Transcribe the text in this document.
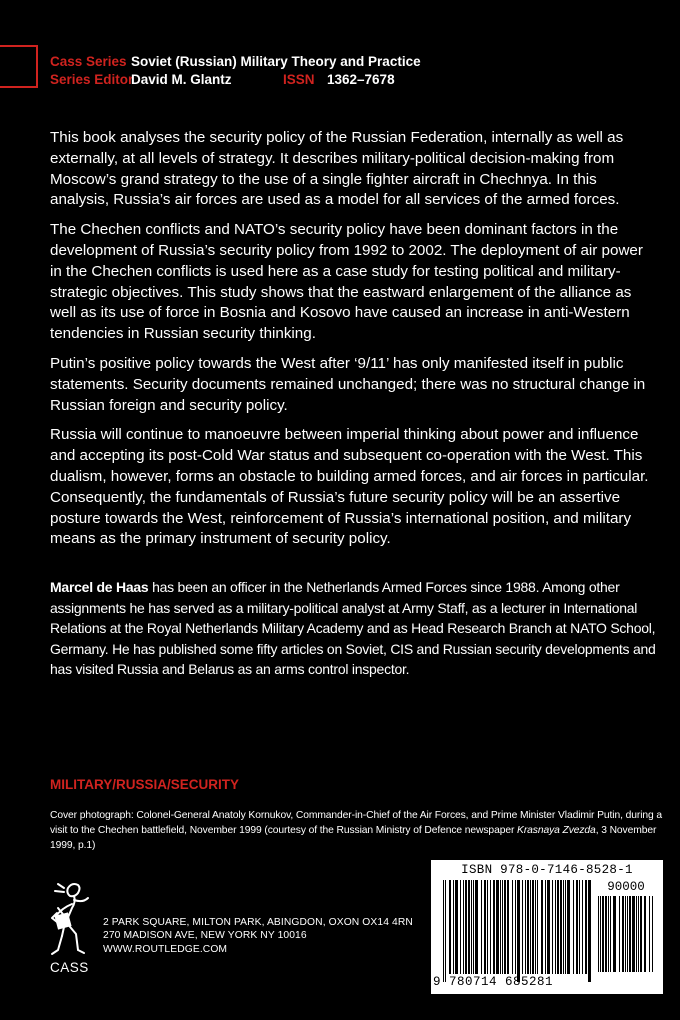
Cass Series Soviet (Russian) Military Theory and Practice
Series EditorDavid M. Glantz	ISSN 1362–7678

This book analyses the security policy of the Russian Federation, internally as well as externally, at all levels of strategy. It describes military-political decision-making from Moscow’s grand strategy to the use of a single fighter aircraft in Chechnya. In this analysis, Russia’s air forces are used as a model for all services of the armed forces.

The Chechen conflicts and NATO’s security policy have been dominant factors in the development of Russia’s security policy from 1992 to 2002. The deployment of air power in the Chechen conflicts is used here as a case study for testing political and military-strategic objectives. This study shows that the eastward enlargement of the alliance as well as its use of force in Bosnia and Kosovo have caused an increase in anti-Western tendencies in Russian security thinking.

Putin’s positive policy towards the West after ‘9/11’ has only manifested itself in public statements. Security documents remained unchanged; there was no structural change in Russian foreign and security policy.

Russia will continue to manoeuvre between imperial thinking about power and influence and accepting its post-Cold War status and subsequent co-operation with the West. This dualism, however, forms an obstacle to building armed forces, and air forces in particular. Consequently, the fundamentals of Russia’s future security policy will be an assertive posture towards the West, reinforcement of Russia’s international position, and military means as the primary instrument of security policy.

Marcel de Haas has been an officer in the Netherlands Armed Forces since 1988. Among other assignments he has served as a military-political analyst at Army Staff, as a lecturer in International Relations at the Royal Netherlands Military Academy and as Head Research Branch at NATO School, Germany. He has published some fifty articles on Soviet, CIS and Russian security developments and has visited Russia and Belarus as an arms control inspector.
MILITARY/RUSSIA/SECURITY
Cover photograph: Colonel-General Anatoly Kornukov, Commander-in-Chief of the Air Forces, and Prime Minister Vladimir Putin, during a visit to the Chechen battlefield, November 1999 (courtesy of the Russian Ministry of Defence newspaper Krasnaya Zvezda, 3 November 1999, p.1)
CASS
2 PARK SQUARE, MILTON PARK, ABINGDON, OXON OX14 4RN
270 MADISON AVE, NEW YORK NY 10016
WWW.ROUTLEDGE.COM
ISBN 978-0-7146-8528-1
90000
9 780714 685281
